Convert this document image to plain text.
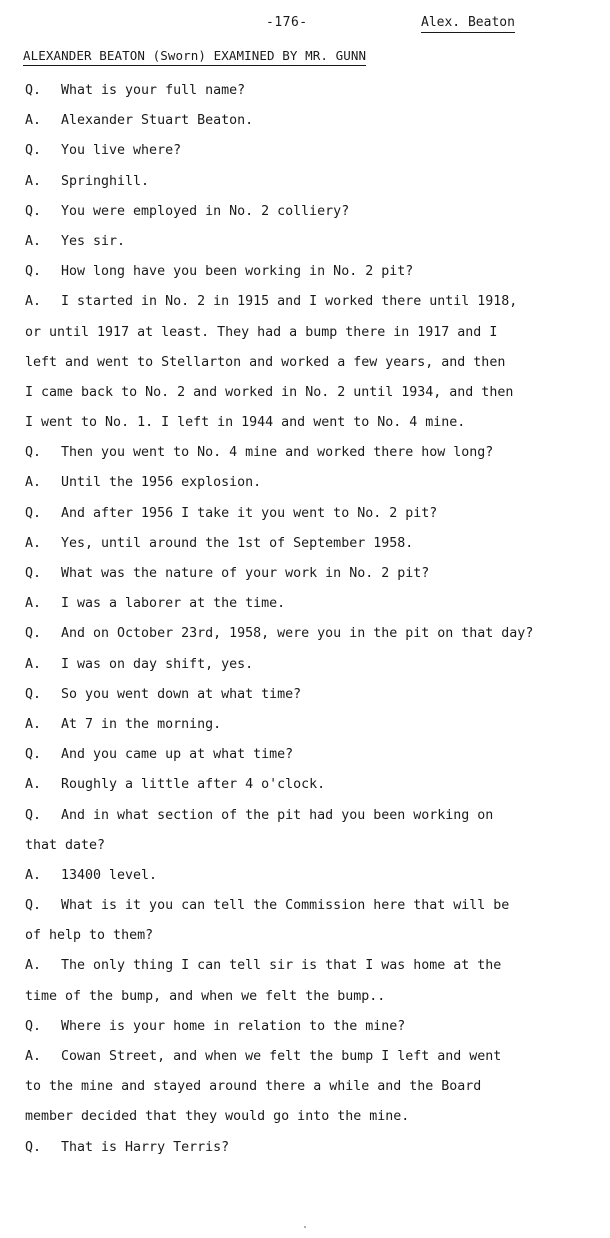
-176-	Alex. Beaton
ALEXANDER BEATON (Sworn) EXAMINED BY MR. GUNN
Q. What is your full name?
A. Alexander Stuart Beaton.
Q. You live where?
A. Springhill.
Q. You were employed in No. 2 colliery?
A. Yes sir.
Q. How long have you been working in No. 2 pit?
A. I started in No. 2 in 1915 and I worked there until 1918,
or until 1917 at least. They had a bump there in 1917 and I
left and went to Stellarton and worked a few years, and then
I came back to No. 2 and worked in No. 2 until 1934, and then
I went to No. 1. I left in 1944 and went to No. 4 mine.
Q. Then you went to No. 4 mine and worked there how long?
A. Until the 1956 explosion.
Q. And after 1956 I take it you went to No. 2 pit?
A. Yes, until around the 1st of September 1958.
Q. What was the nature of your work in No. 2 pit?
A. I was a laborer at the time.
Q. And on October 23rd, 1958, were you in the pit on that day?
A. I was on day shift, yes.
Q. So you went down at what time?
A. At 7 in the morning.
Q. And you came up at what time?
A. Roughly a little after 4 o'clock.
Q. And in what section of the pit had you been working on
that date?
A. 13400 level.
Q. What is it you can tell the Commission here that will be
of help to them?
A. The only thing I can tell sir is that I was home at the
time of the bump, and when we felt the bump..
Q. Where is your home in relation to the mine?
A. Cowan Street, and when we felt the bump I left and went
to the mine and stayed around there a while and the Board
member decided that they would go into the mine.
Q. That is Harry Terris?
